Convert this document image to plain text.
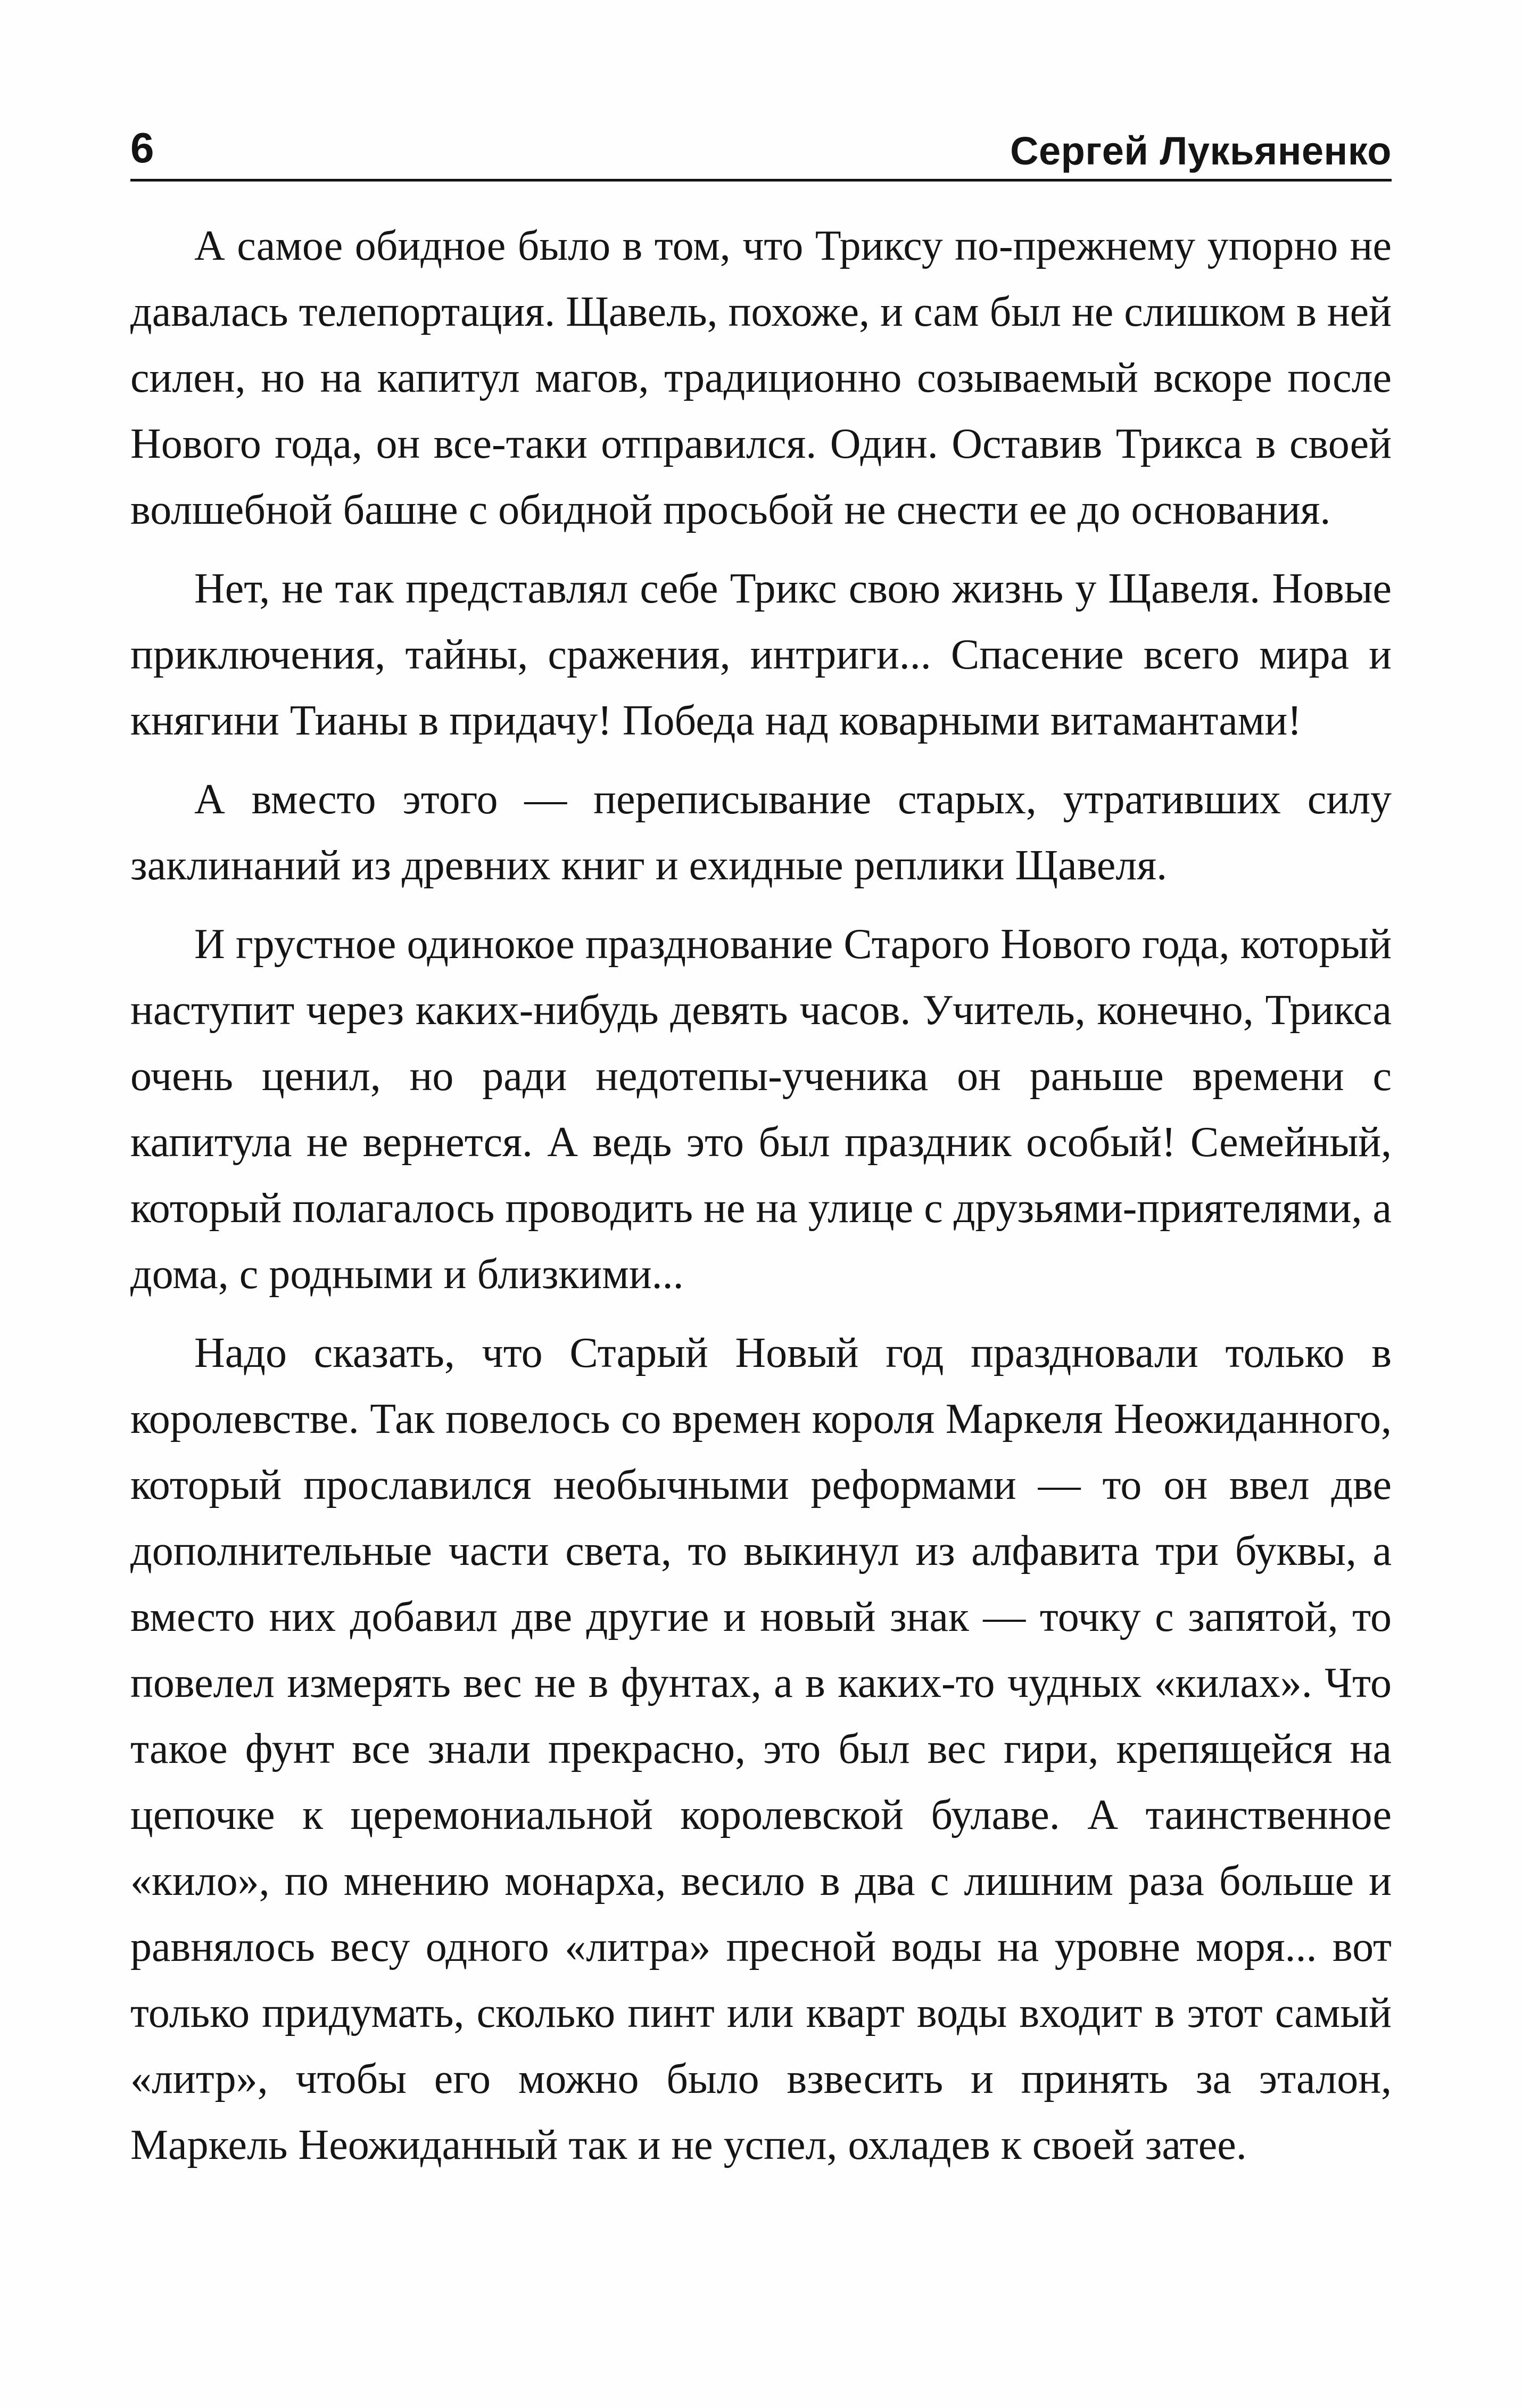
6	Сергей Лукьяненко

А самое обидное было в том, что Триксу по-прежнему упорно не давалась телепортация. Щавель, похоже, и сам был не слишком в ней силен, но на капитул магов, традиционно созываемый вскоре после Нового года, он все-таки отправился. Один. Оставив Трикса в своей волшебной башне с обидной просьбой не снести ее до основания.

Нет, не так представлял себе Трикс свою жизнь у Щавеля. Новые приключения, тайны, сражения, интриги... Спасение всего мира и княгини Тианы в придачу! Победа над коварными витамантами!

А вместо этого — переписывание старых, утративших силу заклинаний из древних книг и ехидные реплики Щавеля.

И грустное одинокое празднование Старого Нового года, который наступит через каких-нибудь девять часов. Учитель, конечно, Трикса очень ценил, но ради недотепы-ученика он раньше времени с капитула не вернется. А ведь это был праздник особый! Семейный, который полагалось проводить не на улице с друзьями-приятелями, а дома, с родными и близкими...

Надо сказать, что Старый Новый год праздновали только в королевстве. Так повелось со времен короля Маркеля Неожиданного, который прославился необычными реформами — то он ввел две дополнительные части света, то выкинул из алфавита три буквы, а вместо них добавил две другие и новый знак — точку с запятой, то повелел измерять вес не в фунтах, а в каких-то чудных «килах». Что такое фунт все знали прекрасно, это был вес гири, крепящейся на цепочке к церемониальной королевской булаве. А таинственное «кило», по мнению монарха, весило в два с лишним раза больше и равнялось весу одного «литра» пресной воды на уровне моря... вот только придумать, сколько пинт или кварт воды входит в этот самый «литр», чтобы его можно было взвесить и принять за эталон, Маркель Неожиданный так и не успел, охладев к своей затее.
